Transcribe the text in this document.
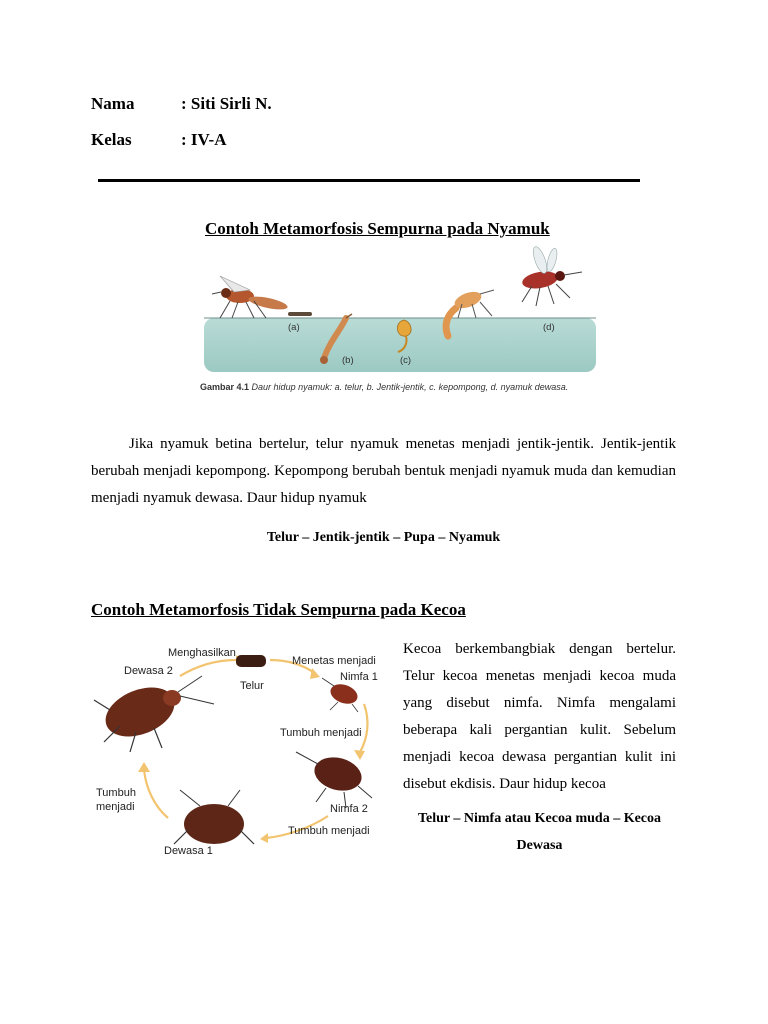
Nama	: Siti Sirli N.
Kelas	: IV-A
Contoh Metamorfosis Sempurna pada Nyamuk
(a)
(b)	(c)
(d)
Gambar 4.1 Daur hidup nyamuk: a. telur, b. Jentik-jentik, c. kepompong, d. nyamuk dewasa.
Jika nyamuk betina bertelur, telur nyamuk menetas menjadi jentik-jentik. Jentik-jentik berubah menjadi kepompong. Kepompong berubah bentuk menjadi nyamuk muda dan kemudian menjadi nyamuk dewasa. Daur hidup nyamuk
Telur – Jentik-jentik – Pupa – Nyamuk
Contoh Metamorfosis Tidak Sempurna pada Kecoa
Menghasilkan
Dewasa 2
Telur
Menetas menjadi
Nimfa 1
Tumbuh menjadi
Nimfa 2
Tumbuh menjadi
Tumbuh
menjadi
Dewasa 1
Kecoa berkembangbiak dengan bertelur. Telur kecoa menetas menjadi kecoa muda yang disebut nimfa. Nimfa mengalami beberapa kali pergantian kulit. Sebelum menjadi kecoa dewasa pergantian kulit ini disebut ekdisis. Daur hidup kecoa
Telur – Nimfa atau Kecoa muda – Kecoa
Dewasa
